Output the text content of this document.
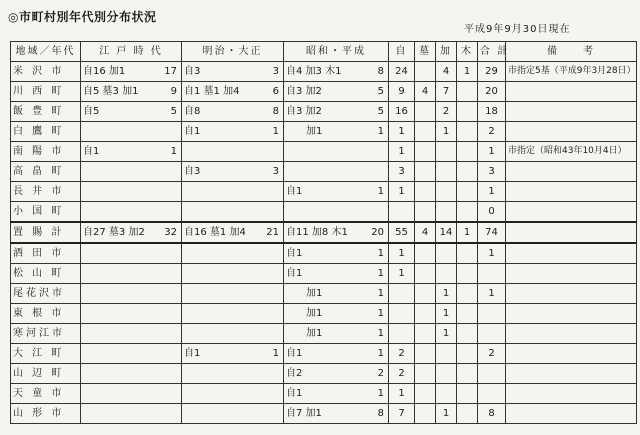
◎市町村別年代別分布状況
平成9年9月30日現在
地域／年代	江 戸 時 代	明治・大正	昭和・平成	自	墓	加	木	合 計	備　　考
米 沢 市	自16 加1 17	自3 3	自4 加3 木1 8	24		4	1	29	市指定5基（平成9年3月28日）
川 西 町	自5 墓3 加1 9	自1 墓1 加4 6	自3 加2 5	9	4	7		20	
飯 豊 町	自5 5	自8 8	自3 加2 5	16		2		18	
白 鷹 町		自1 1	　　加1 1	1		1		2	
南 陽 市	自1 1			1				1	市指定（昭和43年10月4日）
高 畠 町		自3 3		3				3	
長 井 市			自1 1	1				1	
小 国 町								0	
置 賜 計	自27 墓3 加2 32	自16 墓1 加4 21	自11 加8 木1 20	55	4	14	1	74	
酒 田 市			自1 1	1				1	
松 山 町			自1 1	1					
尾花沢市			　　加1 1			1		1	
東 根 市			　　加1 1			1			
寒河江市			　　加1 1			1			
大 江 町		自1 1	自1 1	2				2	
山 辺 町			自2 2	2					
天 童 市			自1 1	1					
山 形 市			自7 加1 8	7		1		8	
